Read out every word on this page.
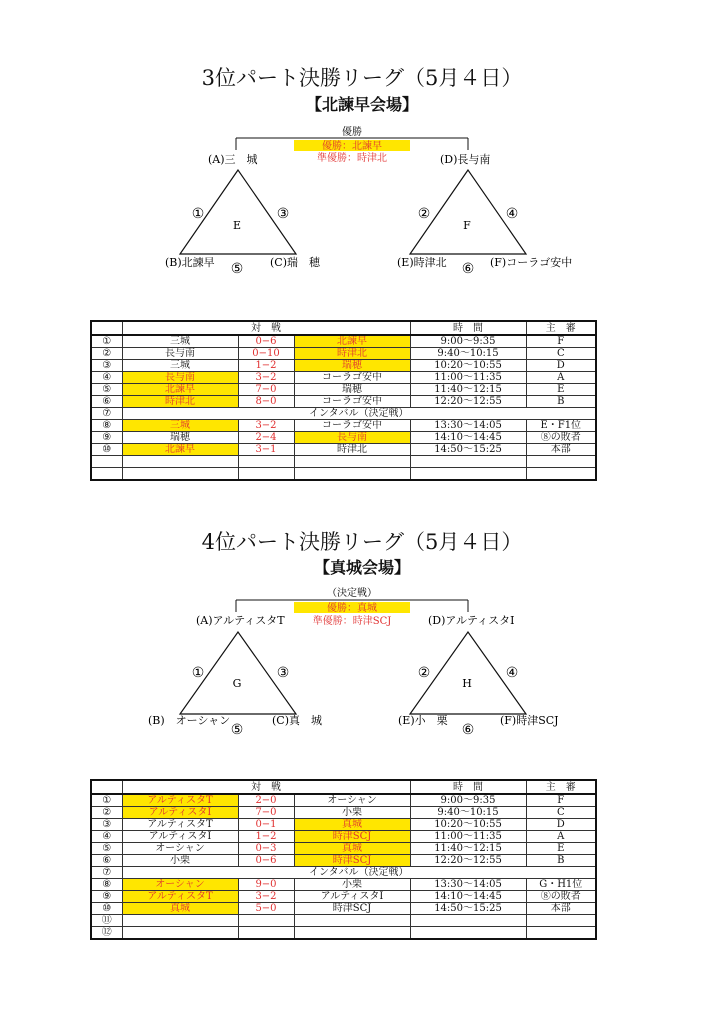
3位パート決勝リーグ（5月４日）
【北諫早会場】
優勝
優勝：北諫早
準優勝：時津北
(A)三　城
(B)北諫早	(C)瑞　穂
E
①	③
⑤
(D)長与南
(E)時津北	(F)コーラゴ安中
F
②	④
⑥
	対　戦			時　間	主　審
①	三城	0−6	北諫早	9:00〜9:35	F
②	長与南	0−10	時津北	9:40〜10:15	C
③	三城	1−2	瑞穂	10:20〜10:55	D
④	長与南	3−2	コーラゴ安中	11:00〜11:35	A
⑤	北諫早	7−0	瑞穂	11:40〜12:15	E
⑥	時津北	8−0	コーラゴ安中	12:20〜12:55	B
⑦	インタバル（決定戦）				
⑧	三城	3−2	コーラゴ安中	13:30〜14:05	E・F1位
⑨	瑞穂	2−4	長与南	14:10〜14:45	⑧の敗者
⑩	北諫早	3−1	時津北	14:50〜15:25	本部

4位パート決勝リーグ（5月４日）
【真城会場】
（決定戦）
優勝：真城
準優勝：時津SCJ
(A)アルティスタT
(B)　オーシャン	(C)真　城
G
①	③
⑤
(D)アルティスタI
(E)小　栗	(F)時津SCJ
H
②	④
⑥
	対　戦			時　間	主　審
①	アルティスタT	2−0	オーシャン	9:00〜9:35	F
②	アルティスタI	7−0	小栗	9:40〜10:15	C
③	アルティスタT	0−1	真城	10:20〜10:55	D
④	アルティスタI	1−2	時津SCJ	11:00〜11:35	A
⑤	オーシャン	0−3	真城	11:40〜12:15	E
⑥	小栗	0−6	時津SCJ	12:20〜12:55	B
⑦	インタバル（決定戦）				
⑧	オーシャン	9−0	小栗	13:30〜14:05	G・H1位
⑨	アルティスタT	3−2	アルティスタI	14:10〜14:45	⑧の敗者
⑩	真城	5−0	時津SCJ	14:50〜15:25	本部
⑪					
⑫					
